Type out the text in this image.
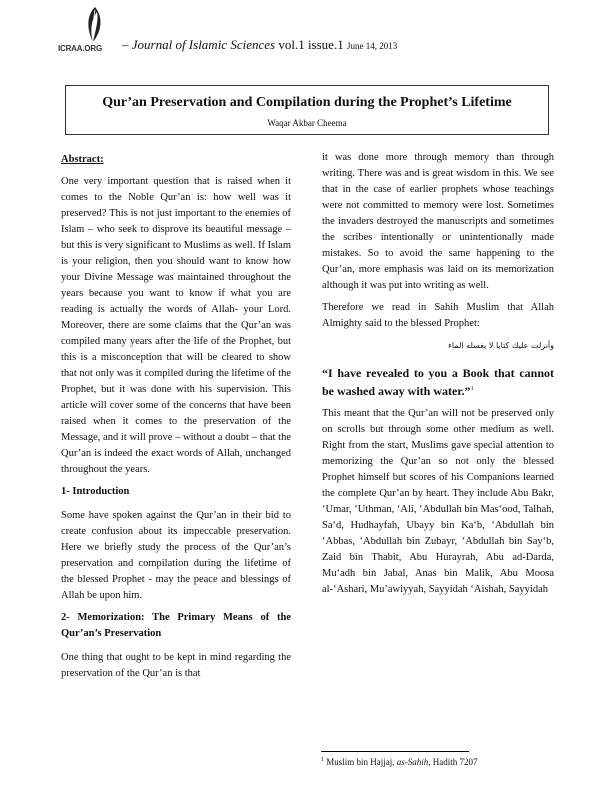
ICRAA.ORG – Journal of Islamic Sciences vol.1 issue.1 June 14, 2013
Qur’an Preservation and Compilation during the Prophet’s Lifetime
Waqar Akbar Cheema
Abstract:

One very important question that is raised when it comes to the Noble Qur’an is: how well was it preserved? This is not just important to the enemies of Islam – who seek to disprove its beautiful message – but this is very significant to Muslims as well. If Islam is your religion, then you should want to know how your Divine Message was maintained throughout the years because you want to know if what you are reading is actually the words of Allah- your Lord. Moreover, there are some claims that the Qur’an was compiled many years after the life of the Prophet, but this is a misconception that will be cleared to show that not only was it compiled during the lifetime of the Prophet, but it was done with his supervision. This article will cover some of the concerns that have been raised when it comes to the preservation of the Message, and it will prove – without a doubt – that the Qur’an is indeed the exact words of Allah, unchanged throughout the years.

1- Introduction

Some have spoken against the Qur’an in their bid to create confusion about its impeccable preservation. Here we briefly study the process of the Qur’an’s preservation and compilation during the lifetime of the blessed Prophet - may the peace and blessings of Allah be upon him.

2- Memorization: The Primary Means of the Qur’an’s Preservation

One thing that ought to be kept in mind regarding the preservation of the Qur’an is that

it was done more through memory than through writing. There was and is great wisdom in this. We see that in the case of earlier prophets whose teachings were not committed to memory were lost. Sometimes the invaders destroyed the manuscripts and sometimes the scribes intentionally or unintentionally made mistakes. So to avoid the same happening to the Qur’an, more emphasis was laid on its memorization although it was put into writing as well.

Therefore we read in Sahih Muslim that Allah Almighty said to the blessed Prophet:

وأنزلت عليك كتابا لا يغسله الماء

“I have revealed to you a Book that cannot be washed away with water.”$^1$

This meant that the Qur’an will not be preserved only on scrolls but through some other medium as well. Right from the start, Muslims gave special attention to memorizing the Qur’an so not only the blessed Prophet himself but scores of his Companions learned the complete Qur’an by heart. They include Abu Bakr, ‘Umar, ‘Uthman, ‘Ali, ‘Abdullah bin Mas‘ood, Talhah, Sa‘d, Hudhayfah, Ubayy bin Ka‘b, ‘Abdullah bin ‘Abbas, ‘Abdullah bin Zubayr, ‘Abdullah bin Say‘b, Zaid bin Thabit, Abu Hurayrah, Abu ad-Darda, Mu‘adh bin Jabal, Anas bin Malik, Abu Moosa al-‘Ashari, Mu’awiyyah, Sayyidah ‘Aishah, Sayyidah

$^1$ Muslim bin Hajjaj, as-Sahih, Hadith 7207
